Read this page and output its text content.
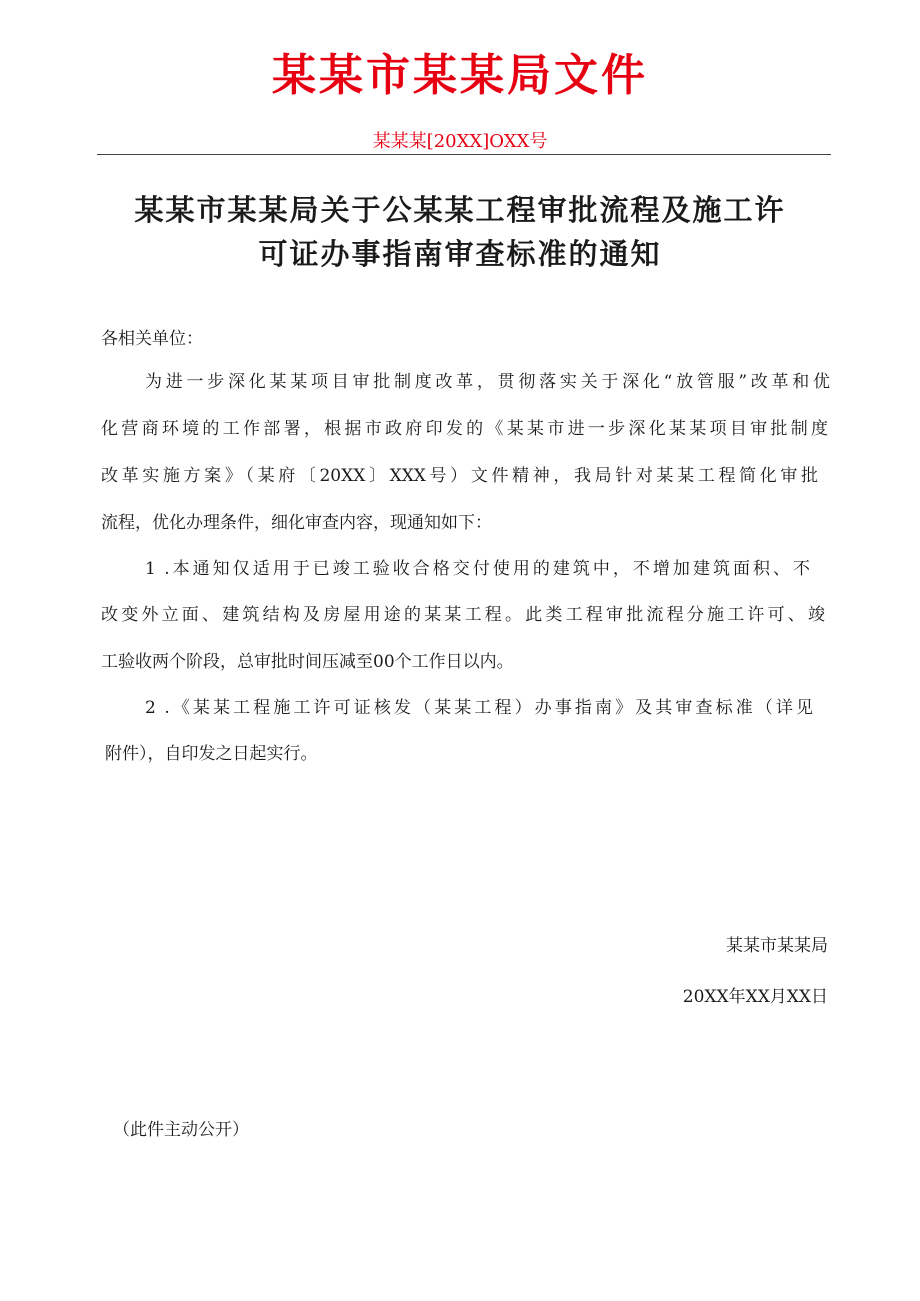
某某市某某局文件
某某某[20XX]OXX号
某某市某某局关于公某某工程审批流程及施工许
可证办事指南审查标准的通知

各相关单位：

为进一步深化某某项目审批制度改革，贯彻落实关于深化“放管服”改革和优

化营商环境的工作部署，根据市政府印发的《某某市进一步深化某某项目审批制度

改革实施方案》（某府〔20XX〕XXX号）文件精神，我局针对某某工程简化审批

流程，优化办理条件，细化审查内容，现通知如下：

1 .本通知仅适用于已竣工验收合格交付使用的建筑中，不增加建筑面积、不

改变外立面、建筑结构及房屋用途的某某工程。此类工程审批流程分施工许可、竣

工验收两个阶段，总审批时间压减至00个工作日以内。

2 .《某某工程施工许可证核发（某某工程）办事指南》及其审查标准（详见

附件），自印发之日起实行。

某某市某某局

20XX年XX月XX日

（此件主动公开）
